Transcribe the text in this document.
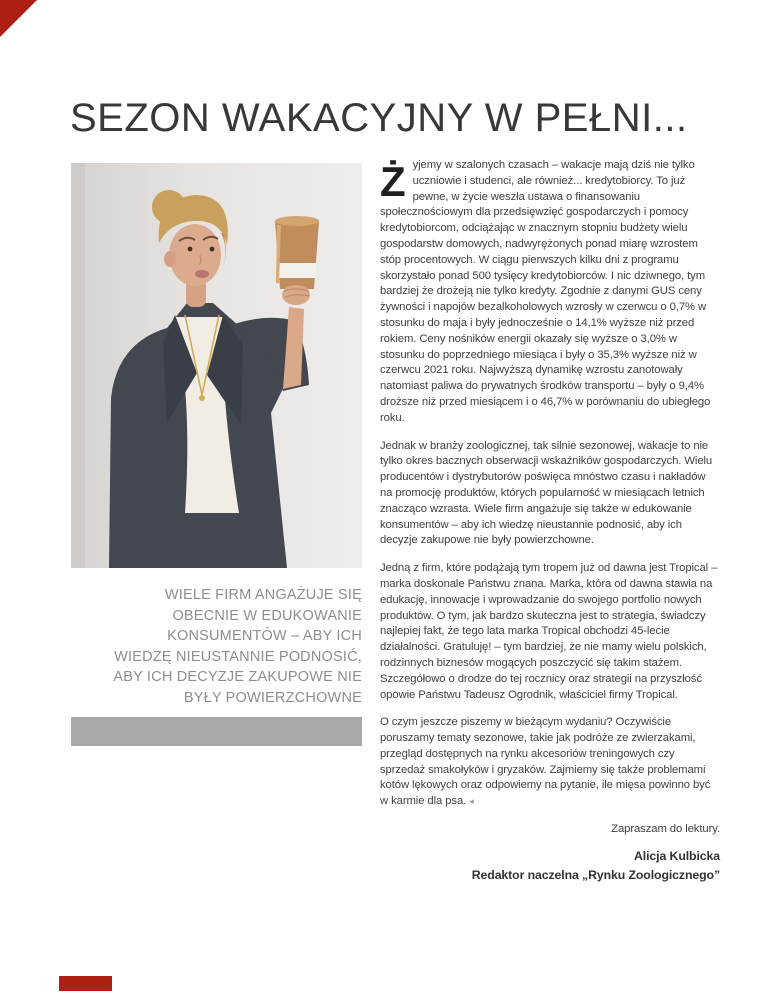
SEZON WAKACYJNY W PEŁNI...
WIELE FIRM ANGAŻUJE SIĘ
OBECNIE W EDUKOWANIE
KONSUMENTÓW – ABY ICH
WIEDZĘ NIEUSTANNIE PODNOSIĆ,
ABY ICH DECYZJE ZAKUPOWE NIE
BYŁY POWIERZCHOWNE

Żyjemy w szalonych czasach – wakacje mają dziś nie tylko uczniowie i studenci, ale również... kredytobiorcy. To już pewne, w życie weszła ustawa o finansowaniu społecznościowym dla przedsięwzięć gospodarczych i pomocy kredytobiorcom, odciążając w znacznym stopniu budżety wielu gospodarstw domowych, nadwyrężonych ponad miarę wzrostem stóp procentowych. W ciągu pierwszych kilku dni z programu skorzystało ponad 500 tysięcy kredytobiorców. I nic dziwnego, tym bardziej że drożeją nie tylko kredyty. Zgodnie z danymi GUS ceny żywności i napojów bezalkoholowych wzrosły w czerwcu o 0,7% w stosunku do maja i były jednocześnie o 14,1% wyższe niż przed rokiem. Ceny nośników energii okazały się wyższe o 3,0% w stosunku do poprzedniego miesiąca i były o 35,3% wyższe niż w czerwcu 2021 roku. Najwyższą dynamikę wzrostu zanotowały natomiast paliwa do prywatnych środków transportu – były o 9,4% droższe niż przed miesiącem i o 46,7% w porównaniu do ubiegłego roku.

Jednak w branży zoologicznej, tak silnie sezonowej, wakacje to nie tylko okres bacznych obserwacji wskaźników gospodarczych. Wielu producentów i dystrybutorów poświęca mnóstwo czasu i nakładów na promocję produktów, których popularność w miesiącach letnich znacząco wzrasta. Wiele firm angażuje się także w edukowanie konsumentów – aby ich wiedzę nieustannie podnosić, aby ich decyzje zakupowe nie były powierzchowne.

Jedną z firm, które podążają tym tropem już od dawna jest Tropical – marka doskonale Państwu znana. Marka, która od dawna stawia na edukację, innowacje i wprowadzanie do swojego portfolio nowych produktów. O tym, jak bardzo skuteczna jest to strategia, świadczy najlepiej fakt, że tego lata marka Tropical obchodzi 45-lecie działalności. Gratuluję! – tym bardziej, że nie mamy wielu polskich, rodzinnych biznesów mogących poszczycić się takim stażem. Szczegółowo o drodze do tej rocznicy oraz strategii na przyszłość opowie Państwu Tadeusz Ogrodnik, właściciel firmy Tropical.

O czym jeszcze piszemy w bieżącym wydaniu? Oczywiście poruszamy tematy sezonowe, takie jak podróże ze zwierzakami, przegląd dostępnych na rynku akcesoriów treningowych czy sprzedaż smakołyków i gryzaków. Zajmiemy się także problemami kotów lękowych oraz odpowiemy na pytanie, ile mięsa powinno być w karmie dla psa. ◂

Zapraszam do lektury.
Alicja Kulbicka
Redaktor naczelna „Rynku Zoologicznego”
